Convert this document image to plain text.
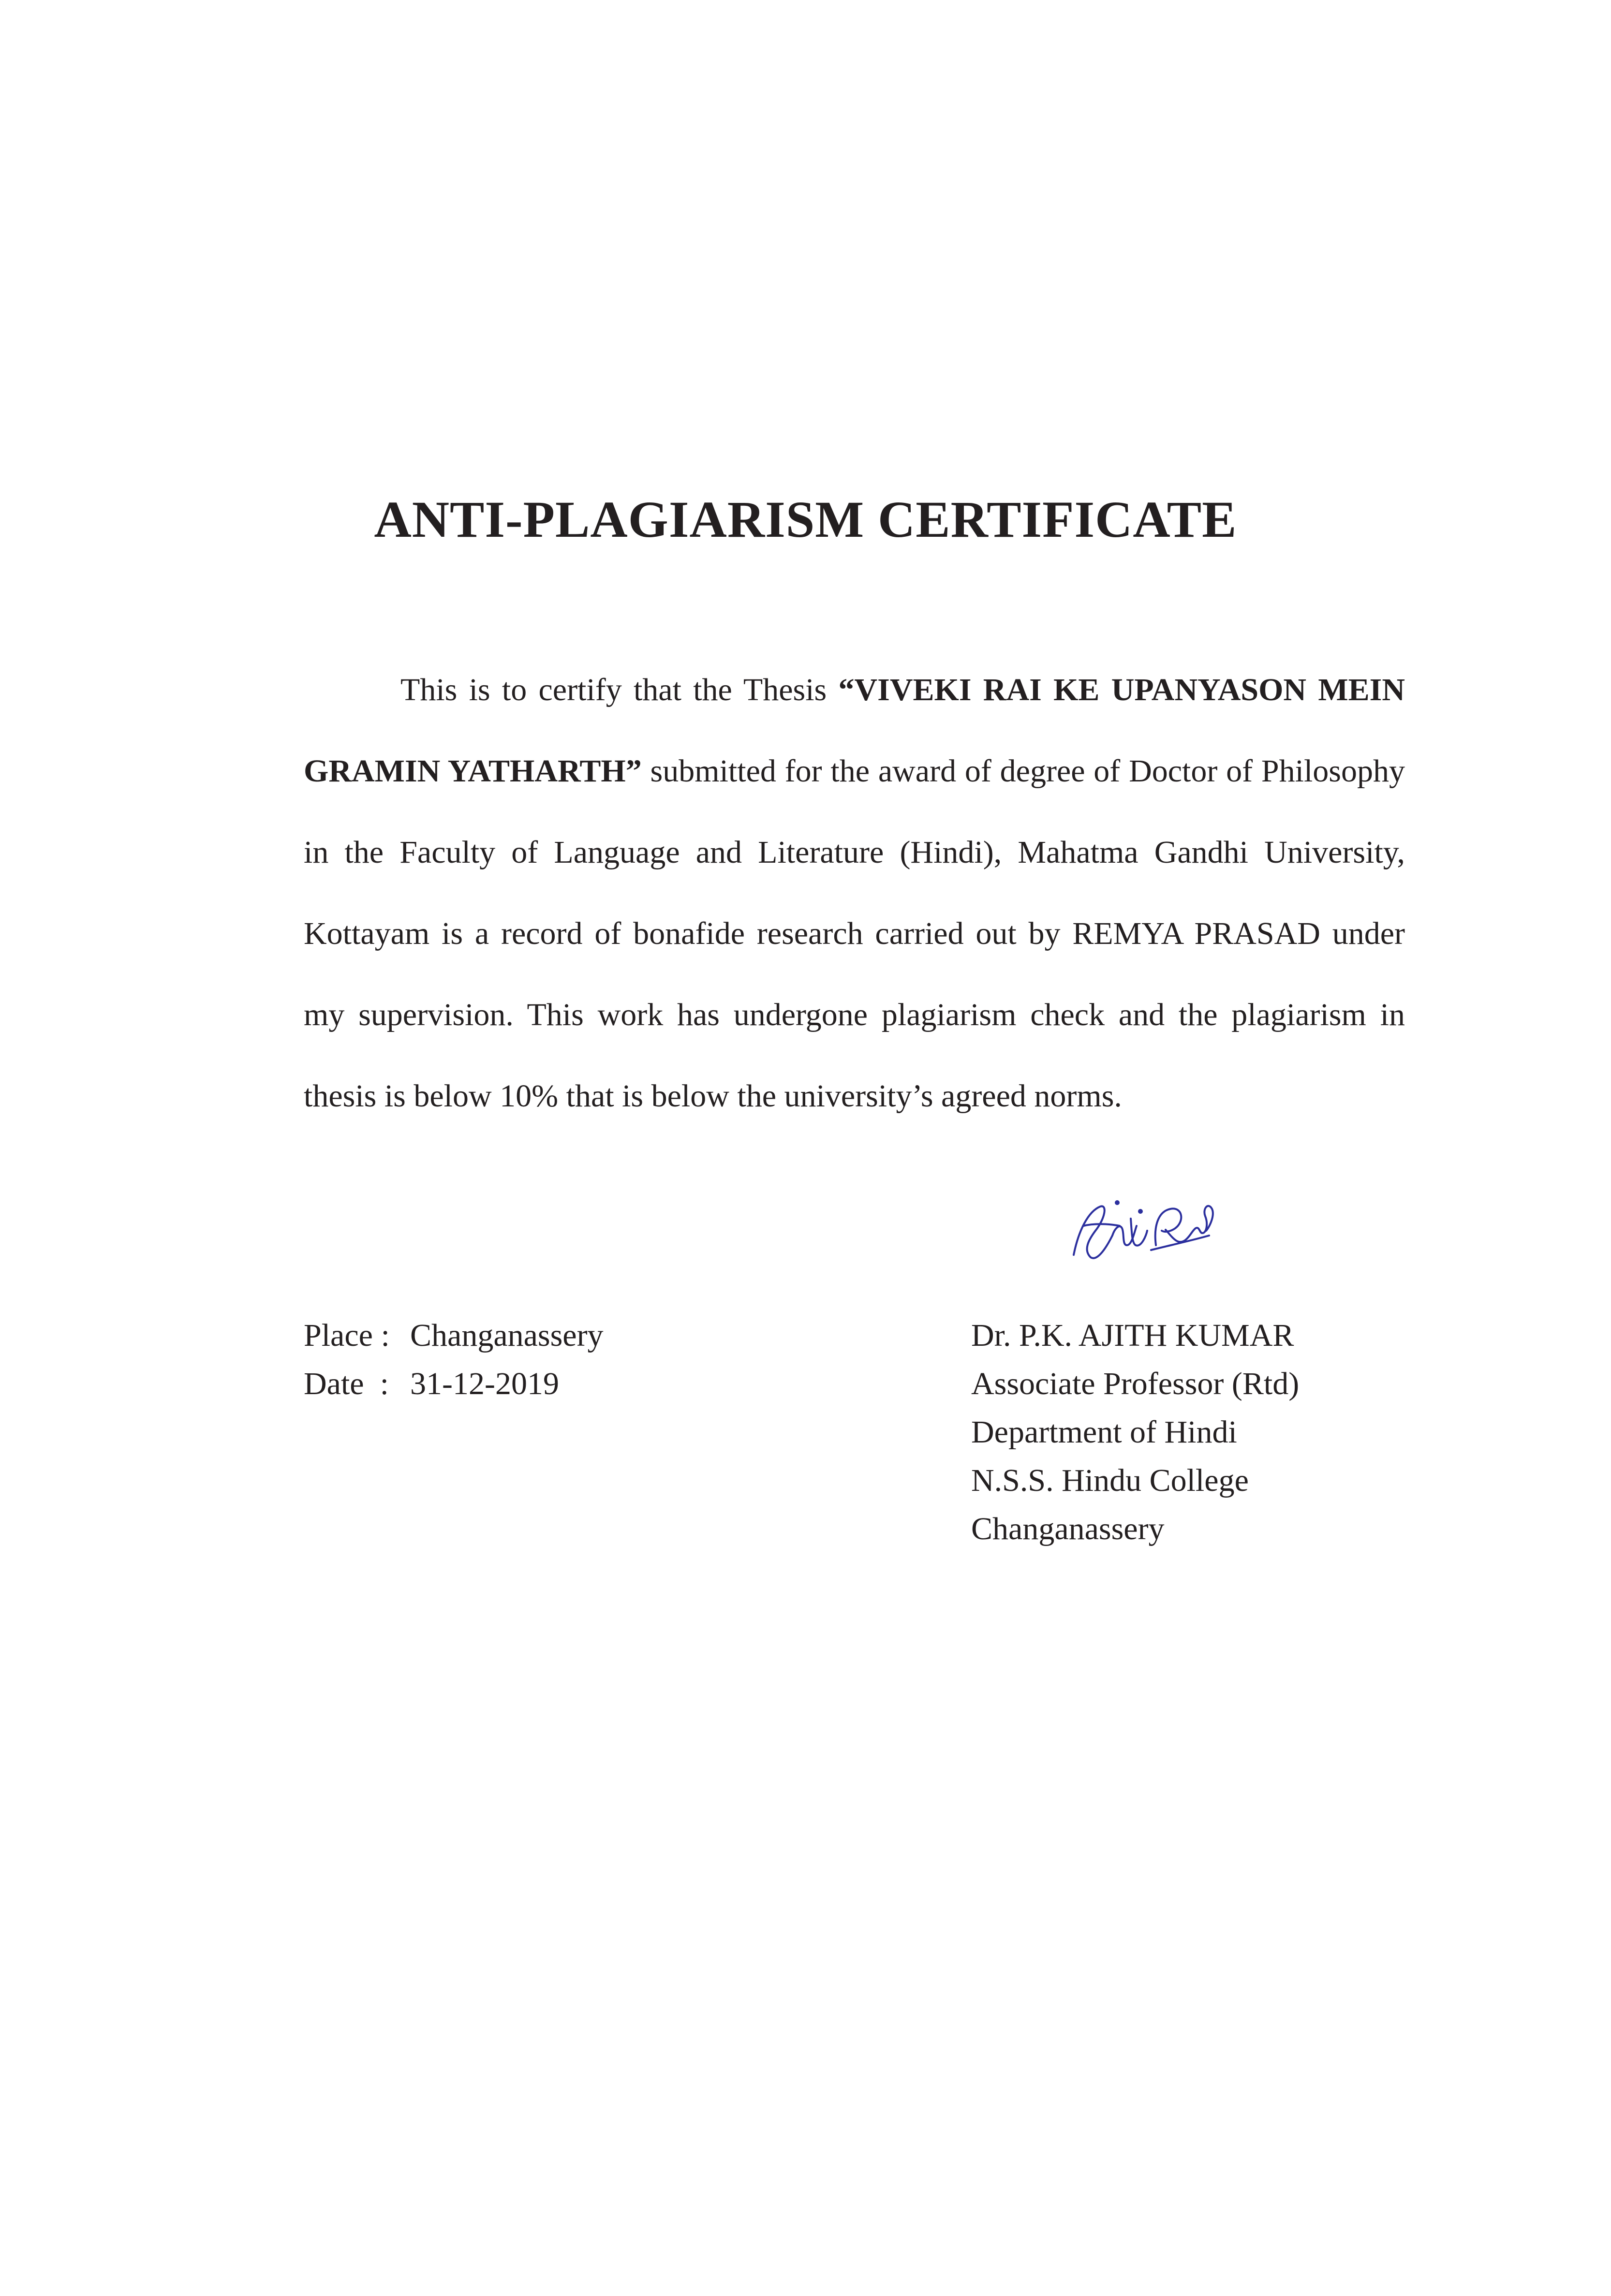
ANTI-PLAGIARISM CERTIFICATE

This is to certify that the Thesis “VIVEKI RAI KE UPANYASON MEIN GRAMIN YATHARTH” submitted for the award of degree of Doctor of Philosophy in the Faculty of Language and Literature (Hindi), Mahatma Gandhi University, Kottayam is a record of bonafide research carried out by REMYA PRASAD under my supervision. This work has undergone plagiarism check and the plagiarism in thesis is below 10% that is below the university’s agreed norms.

Place : Changanassery
Date  : 31-12-2019
Dr. P.K. AJITH KUMAR
Associate Professor (Rtd)
Department of Hindi
N.S.S. Hindu College
Changanassery
